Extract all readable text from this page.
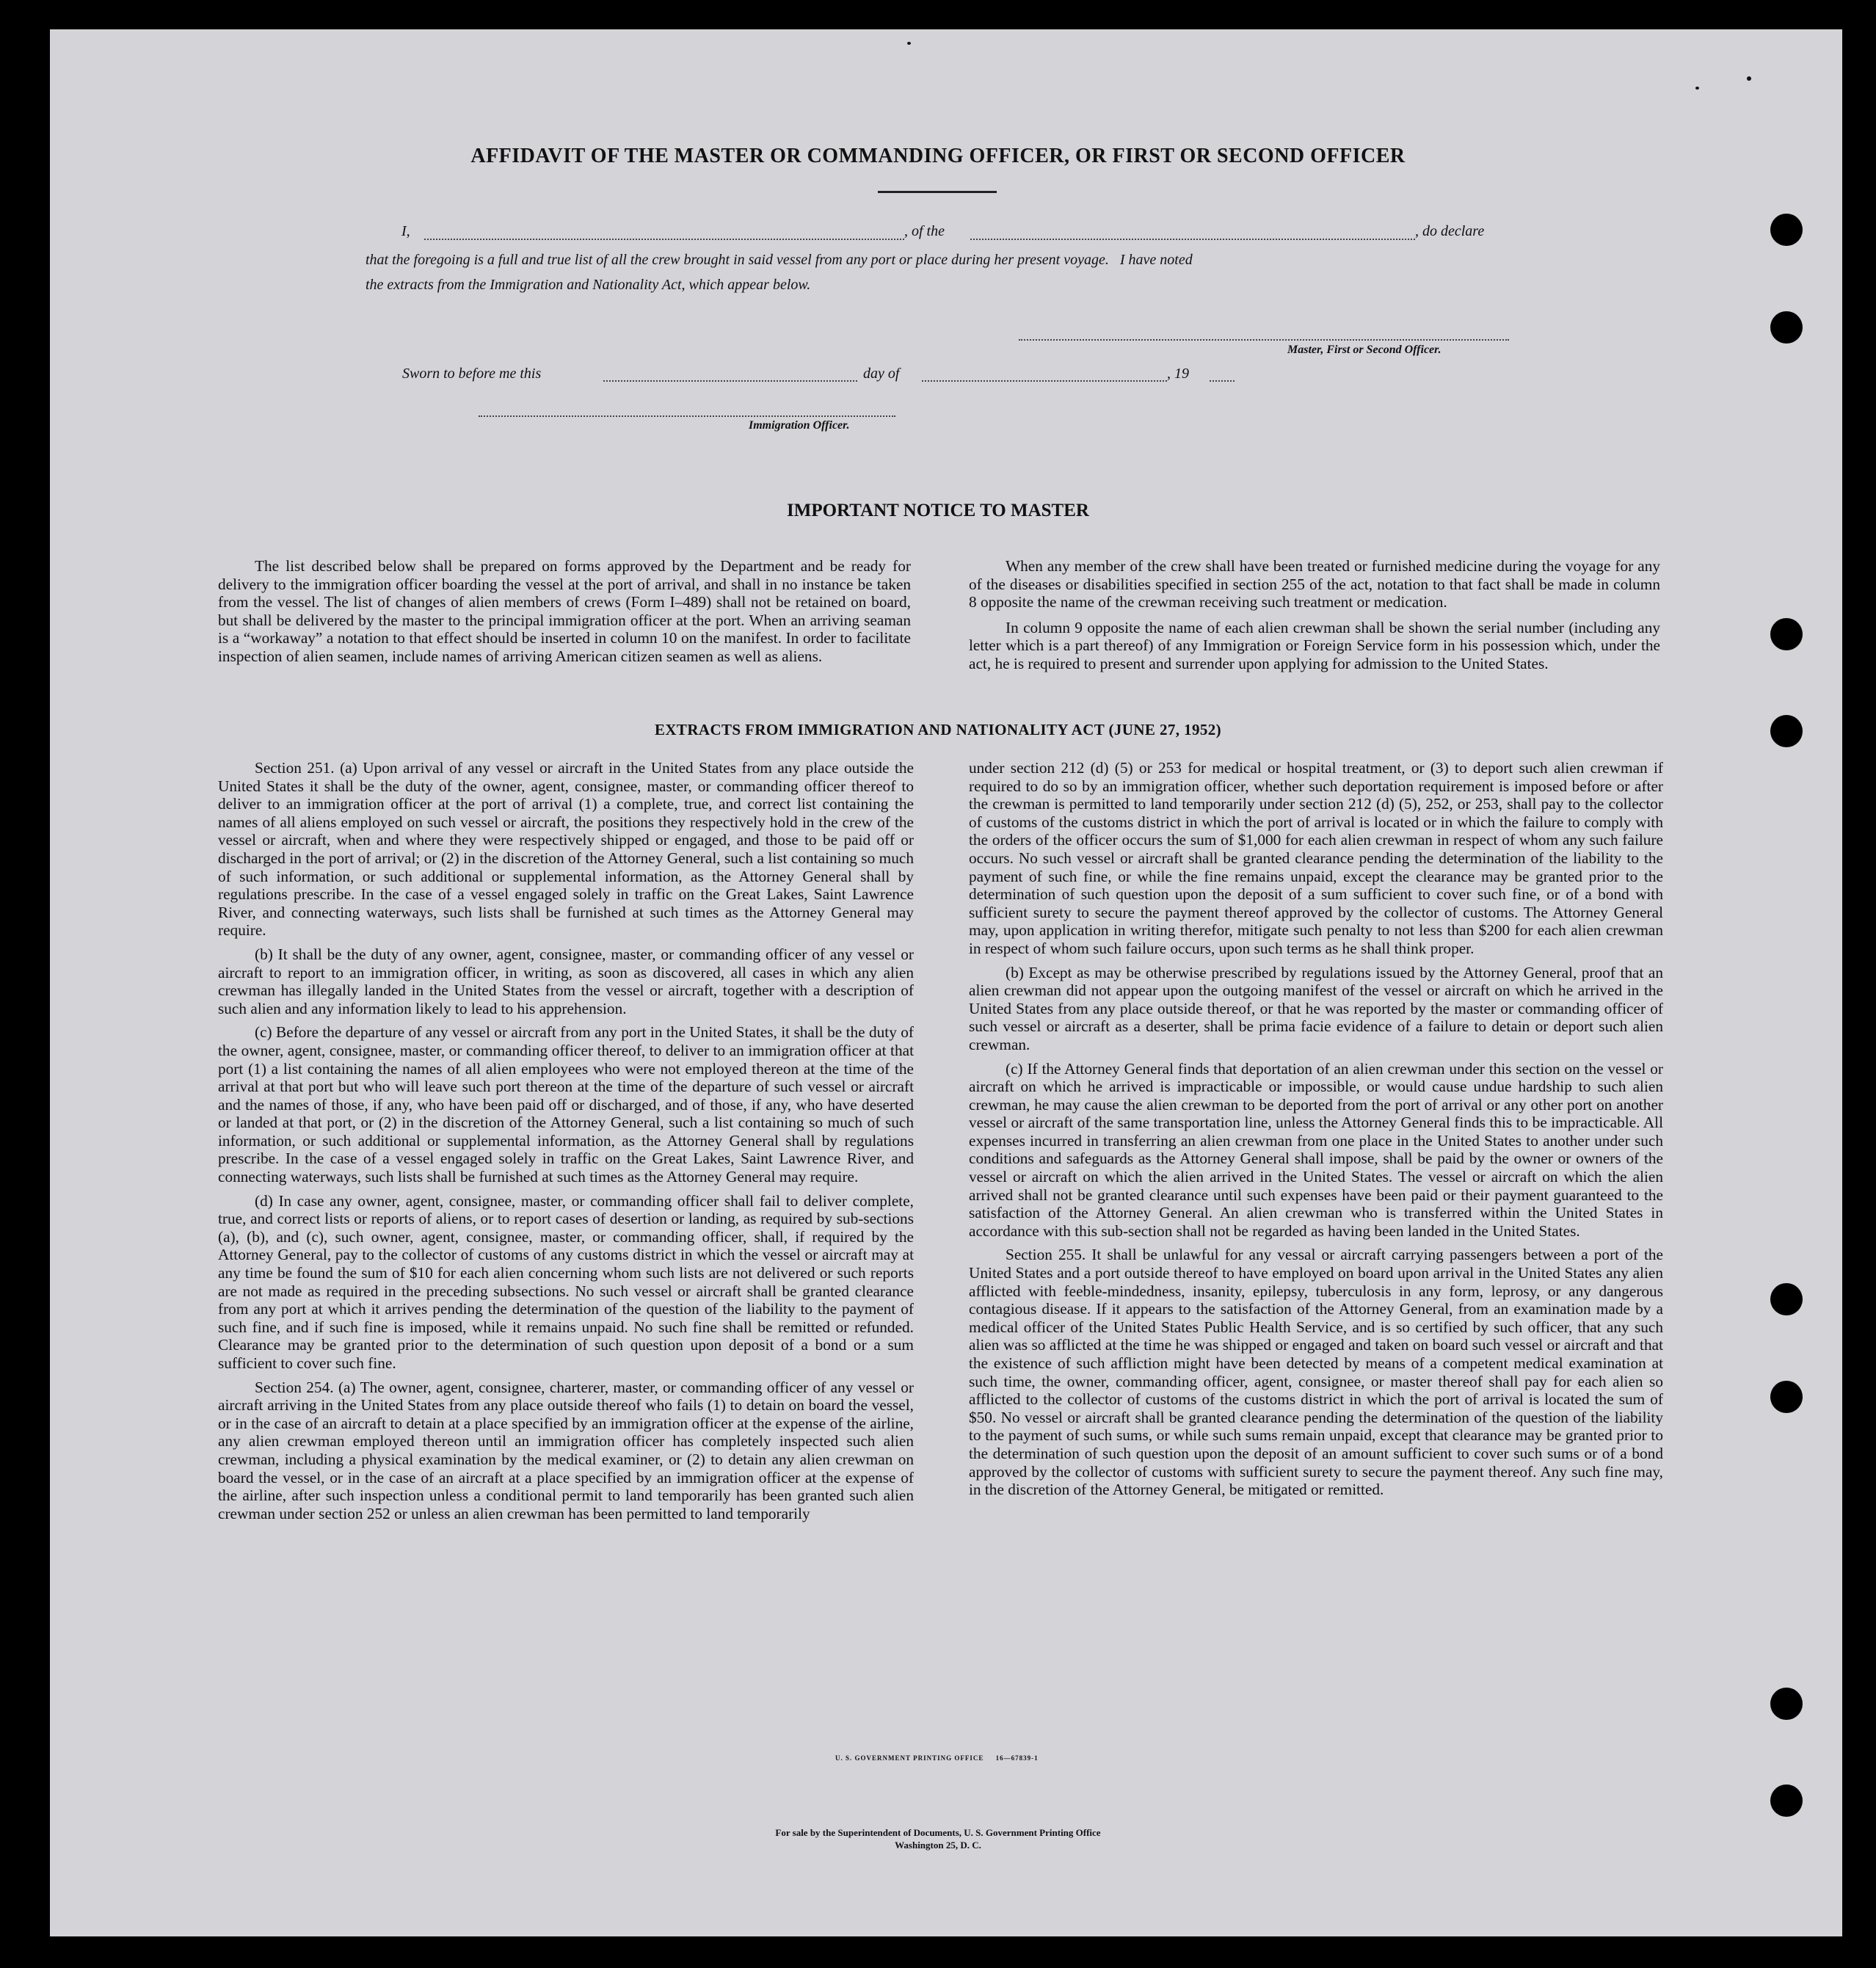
AFFIDAVIT OF THE MASTER OR COMMANDING OFFICER, OR FIRST OR SECOND OFFICER
I,	, of the	, do declare
that the foregoing is a full and true list of all the crew brought in said vessel from any port or place during her present voyage.   I have noted
the extracts from the Immigration and Nationality Act, which appear below.
Master, First or Second Officer.
Sworn to before me this	day of	, 19
Immigration Officer.
IMPORTANT NOTICE TO MASTER

The list described below shall be prepared on forms approved by the Department and be ready for delivery to the immigration officer boarding the vessel at the port of arrival, and shall in no instance be taken from the vessel. The list of changes of alien members of crews (Form I–489) shall not be retained on board, but shall be delivered by the master to the principal immigration officer at the port. When an arriving seaman is a “workaway” a notation to that effect should be inserted in column 10 on the manifest. In order to facilitate inspection of alien seamen, include names of arriving American citizen seamen as well as aliens.

When any member of the crew shall have been treated or furnished medicine during the voyage for any of the diseases or disabilities specified in section 255 of the act, notation to that fact shall be made in column 8 opposite the name of the crewman receiving such treatment or medication.

In column 9 opposite the name of each alien crewman shall be shown the serial number (including any letter which is a part thereof) of any Immigration or Foreign Service form in his possession which, under the act, he is required to present and surrender upon applying for admission to the United States.

EXTRACTS FROM IMMIGRATION AND NATIONALITY ACT (JUNE 27, 1952)

Section 251. (a) Upon arrival of any vessel or aircraft in the United States from any place outside the United States it shall be the duty of the owner, agent, consignee, master, or commanding officer thereof to deliver to an immigration officer at the port of arrival (1) a complete, true, and correct list containing the names of all aliens employed on such vessel or aircraft, the positions they respectively hold in the crew of the vessel or aircraft, when and where they were respectively shipped or engaged, and those to be paid off or discharged in the port of arrival; or (2) in the discretion of the Attorney General, such a list containing so much of such information, or such additional or supplemental information, as the Attorney General shall by regulations prescribe. In the case of a vessel engaged solely in traffic on the Great Lakes, Saint Lawrence River, and connecting waterways, such lists shall be furnished at such times as the Attorney General may require.

(b) It shall be the duty of any owner, agent, consignee, master, or commanding officer of any vessel or aircraft to report to an immigration officer, in writing, as soon as discovered, all cases in which any alien crewman has illegally landed in the United States from the vessel or aircraft, together with a description of such alien and any information likely to lead to his apprehension.

(c) Before the departure of any vessel or aircraft from any port in the United States, it shall be the duty of the owner, agent, consignee, master, or commanding officer thereof, to deliver to an immigration officer at that port (1) a list containing the names of all alien employees who were not employed thereon at the time of the arrival at that port but who will leave such port thereon at the time of the departure of such vessel or aircraft and the names of those, if any, who have been paid off or discharged, and of those, if any, who have deserted or landed at that port, or (2) in the discretion of the Attorney General, such a list containing so much of such information, or such additional or supplemental information, as the Attorney General shall by regulations prescribe. In the case of a vessel engaged solely in traffic on the Great Lakes, Saint Lawrence River, and connecting waterways, such lists shall be furnished at such times as the Attorney General may require.

(d) In case any owner, agent, consignee, master, or commanding officer shall fail to deliver complete, true, and correct lists or reports of aliens, or to report cases of desertion or landing, as required by sub-sections (a), (b), and (c), such owner, agent, consignee, master, or commanding officer, shall, if required by the Attorney General, pay to the collector of customs of any customs district in which the vessel or aircraft may at any time be found the sum of $10 for each alien concerning whom such lists are not delivered or such reports are not made as required in the preceding subsections. No such vessel or aircraft shall be granted clearance from any port at which it arrives pending the determination of the question of the liability to the payment of such fine, and if such fine is imposed, while it remains unpaid. No such fine shall be remitted or refunded. Clearance may be granted prior to the determination of such question upon deposit of a bond or a sum sufficient to cover such fine.

Section 254. (a) The owner, agent, consignee, charterer, master, or commanding officer of any vessel or aircraft arriving in the United States from any place outside thereof who fails (1) to detain on board the vessel, or in the case of an aircraft to detain at a place specified by an immigration officer at the expense of the airline, any alien crewman employed thereon until an immigration officer has completely inspected such alien crewman, including a physical examination by the medical examiner, or (2) to detain any alien crewman on board the vessel, or in the case of an aircraft at a place specified by an immigration officer at the expense of the airline, after such inspection unless a conditional permit to land temporarily has been granted such alien crewman under section 252 or unless an alien crewman has been permitted to land temporarily

under section 212 (d) (5) or 253 for medical or hospital treatment, or (3) to deport such alien crewman if required to do so by an immigration officer, whether such deportation requirement is imposed before or after the crewman is permitted to land temporarily under section 212 (d) (5), 252, or 253, shall pay to the collector of customs of the customs district in which the port of arrival is located or in which the failure to comply with the orders of the officer occurs the sum of $1,000 for each alien crewman in respect of whom any such failure occurs. No such vessel or aircraft shall be granted clearance pending the determination of the liability to the payment of such fine, or while the fine remains unpaid, except the clearance may be granted prior to the determination of such question upon the deposit of a sum sufficient to cover such fine, or of a bond with sufficient surety to secure the payment thereof approved by the collector of customs. The Attorney General may, upon application in writing therefor, mitigate such penalty to not less than $200 for each alien crewman in respect of whom such failure occurs, upon such terms as he shall think proper.

(b) Except as may be otherwise prescribed by regulations issued by the Attorney General, proof that an alien crewman did not appear upon the outgoing manifest of the vessel or aircraft on which he arrived in the United States from any place outside thereof, or that he was reported by the master or commanding officer of such vessel or aircraft as a deserter, shall be prima facie evidence of a failure to detain or deport such alien crewman.

(c) If the Attorney General finds that deportation of an alien crewman under this section on the vessel or aircraft on which he arrived is impracticable or impossible, or would cause undue hardship to such alien crewman, he may cause the alien crewman to be deported from the port of arrival or any other port on another vessel or aircraft of the same transportation line, unless the Attorney General finds this to be impracticable. All expenses incurred in transferring an alien crewman from one place in the United States to another under such conditions and safeguards as the Attorney General shall impose, shall be paid by the owner or owners of the vessel or aircraft on which the alien arrived in the United States. The vessel or aircraft on which the alien arrived shall not be granted clearance until such expenses have been paid or their payment guaranteed to the satisfaction of the Attorney General. An alien crewman who is transferred within the United States in accordance with this sub-section shall not be regarded as having been landed in the United States.

Section 255. It shall be unlawful for any vessal or aircraft carrying passengers between a port of the United States and a port outside thereof to have employed on board upon arrival in the United States any alien afflicted with feeble-mindedness, insanity, epilepsy, tuberculosis in any form, leprosy, or any dangerous contagious disease. If it appears to the satisfaction of the Attorney General, from an examination made by a medical officer of the United States Public Health Service, and is so certified by such officer, that any such alien was so afflicted at the time he was shipped or engaged and taken on board such vessel or aircraft and that the existence of such affliction might have been detected by means of a competent medical examination at such time, the owner, commanding officer, agent, consignee, or master thereof shall pay for each alien so afflicted to the collector of customs of the customs district in which the port of arrival is located the sum of $50. No vessel or aircraft shall be granted clearance pending the determination of the question of the liability to the payment of such sums, or while such sums remain unpaid, except that clearance may be granted prior to the determination of such question upon the deposit of an amount sufficient to cover such sums or of a bond approved by the collector of customs with sufficient surety to secure the payment thereof. Any such fine may, in the discretion of the Attorney General, be mitigated or remitted.

U. S. GOVERNMENT PRINTING OFFICE     16—67839-1
For sale by the Superintendent of Documents, U. S. Government Printing Office
Washington 25, D. C.
